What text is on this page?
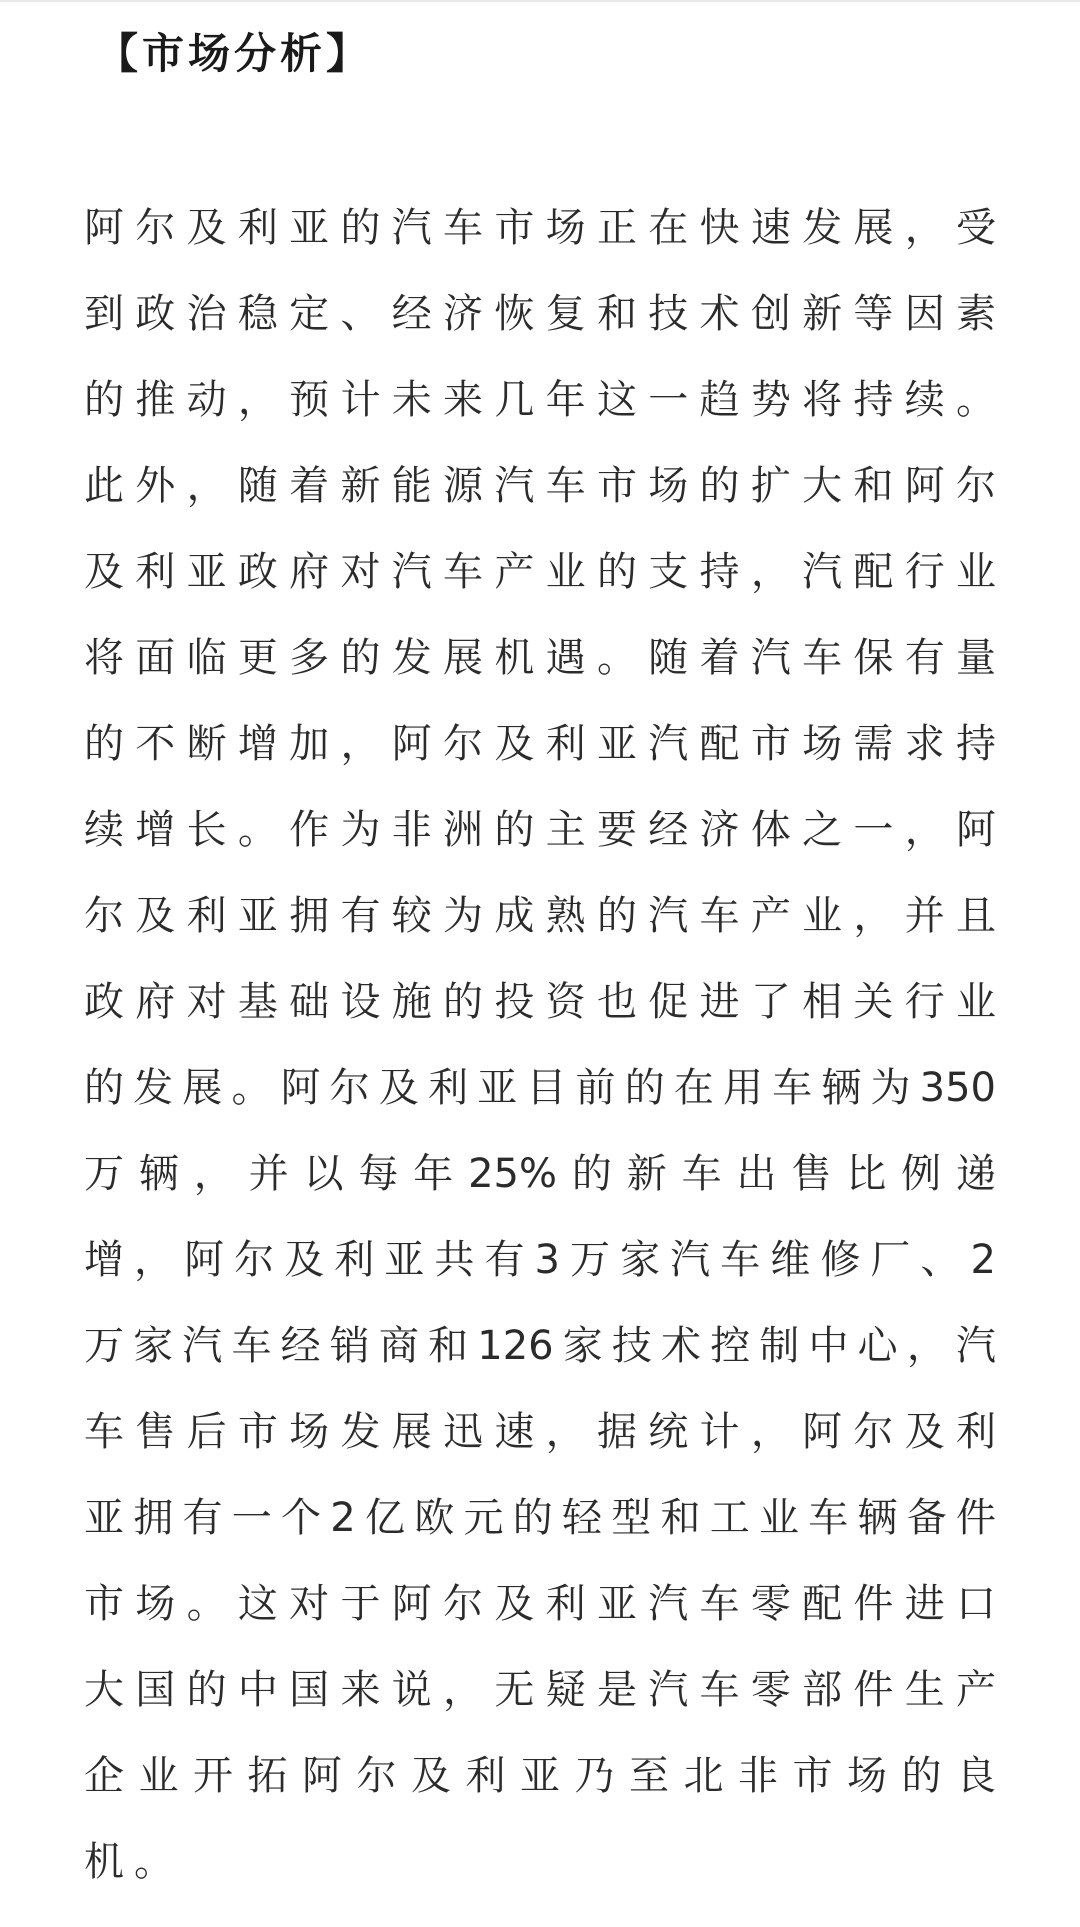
【市场分析】
阿尔及利亚的汽车市场正在快速发展，受
到政治稳定、经济恢复和技术创新等因素
的推动，预计未来几年这一趋势将持续。
此外，随着新能源汽车市场的扩大和阿尔
及利亚政府对汽车产业的支持，汽配行业
将面临更多的发展机遇。随着汽车保有量
的不断增加，阿尔及利亚汽配市场需求持
续增长。作为非洲的主要经济体之一，阿
尔及利亚拥有较为成熟的汽车产业，并且
政府对基础设施的投资也促进了相关行业
的发展。阿尔及利亚目前的在用车辆为350
万辆，并以每年25%的新车出售比例递
增，阿尔及利亚共有3万家汽车维修厂、2
万家汽车经销商和126家技术控制中心，汽
车售后市场发展迅速，据统计，阿尔及利
亚拥有一个2亿欧元的轻型和工业车辆备件
市场。这对于阿尔及利亚汽车零配件进口
大国的中国来说，无疑是汽车零部件生产
企业开拓阿尔及利亚乃至北非市场的良
机。
